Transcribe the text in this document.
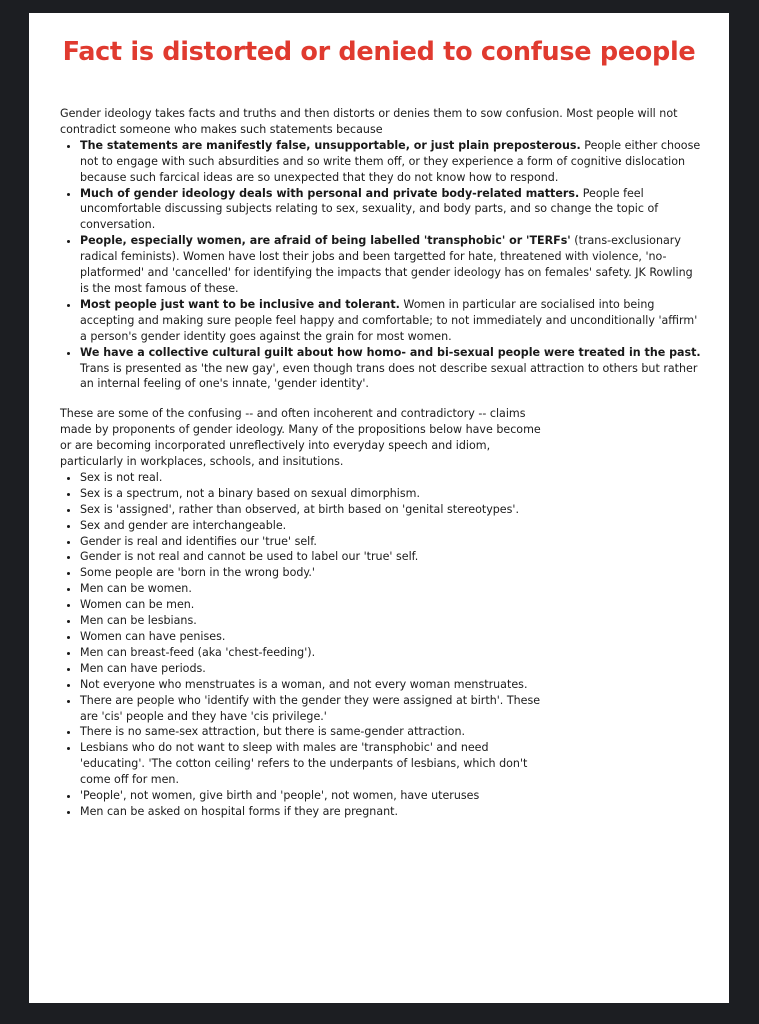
Fact is distorted or denied to confuse people

Gender ideology takes facts and truths and then distorts or denies them to sow confusion. Most people will not contradict someone who makes such statements because

• The statements are manifestly false, unsupportable, or just plain preposterous. People either choose not to engage with such absurdities and so write them off, or they experience a form of cognitive dislocation because such farcical ideas are so unexpected that they do not know how to respond.
• Much of gender ideology deals with personal and private body-related matters. People feel uncomfortable discussing subjects relating to sex, sexuality, and body parts, and so change the topic of conversation.
• People, especially women, are afraid of being labelled 'transphobic' or 'TERFs' (trans-exclusionary radical feminists). Women have lost their jobs and been targetted for hate, threatened with violence, 'no-platformed' and 'cancelled' for identifying the impacts that gender ideology has on females' safety. JK Rowling is the most famous of these.
• Most people just want to be inclusive and tolerant. Women in particular are socialised into being accepting and making sure people feel happy and comfortable; to not immediately and unconditionally 'affirm' a person's gender identity goes against the grain for most women.
• We have a collective cultural guilt about how homo- and bi-sexual people were treated in the past. Trans is presented as 'the new gay', even though trans does not describe sexual attraction to others but rather an internal feeling of one's innate, 'gender identity'.

These are some of the confusing -- and often incoherent and contradictory -- claims made by proponents of gender ideology. Many of the propositions below have become or are becoming incorporated unreflectively into everyday speech and idiom, particularly in workplaces, schools, and insitutions.

• Sex is not real.
• Sex is a spectrum, not a binary based on sexual dimorphism.
• Sex is 'assigned', rather than observed, at birth based on 'genital stereotypes'.
• Sex and gender are interchangeable.
• Gender is real and identifies our 'true' self.
• Gender is not real and cannot be used to label our 'true' self.
• Some people are 'born in the wrong body.'
• Men can be women.
• Women can be men.
• Men can be lesbians.
• Women can have penises.
• Men can breast-feed (aka 'chest-feeding').
• Men can have periods.
• Not everyone who menstruates is a woman, and not every woman menstruates.
• There are people who 'identify with the gender they were assigned at birth'. These are 'cis' people and they have 'cis privilege.'
• There is no same-sex attraction, but there is same-gender attraction.
• Lesbians who do not want to sleep with males are 'transphobic' and need 'educating'. 'The cotton ceiling' refers to the underpants of lesbians, which don't come off for men.
• 'People', not women, give birth and 'people', not women, have uteruses
• Men can be asked on hospital forms if they are pregnant.
